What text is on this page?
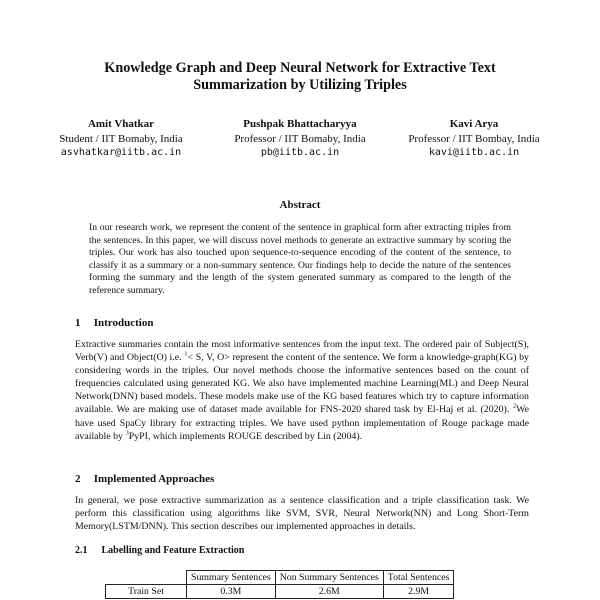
Knowledge Graph and Deep Neural Network for Extractive Text
Summarization by Utilizing Triples
Amit Vhatkar
Student / IIT Bomaby, India
asvhatkar@iitb.ac.in
Pushpak Bhattacharyya
Professor / IIT Bomaby, India
pb@iitb.ac.in
Kavi Arya
Professor / IIT Bombay, India
kavi@iitb.ac.in
Abstract

In our research work, we represent the content of the sentence in graphical form after extracting triples from the sentences. In this paper, we will discuss novel methods to generate an extractive summary by scoring the triples. Our work has also touched upon sequence-to-sequence encoding of the content of the sentence, to classify it as a summary or a non-summary sentence. Our findings help to decide the nature of the sentences forming the summary and the length of the system generated summary as compared to the length of the reference summary.

1 Introduction

Extractive summaries contain the most informative sentences from the input text. The ordered pair of Subject(S), Verb(V) and Object(O) i.e. $^1$< S, V, O> represent the content of the sentence. We form a knowledge-graph(KG) by considering words in the triples. Our novel methods choose the informative sentences based on the count of frequencies calculated using generated KG. We also have implemented machine Learning(ML) and Deep Neural Network(DNN) based models. These models make use of the KG based features which try to capture information available. We are making use of dataset made available for FNS-2020 shared task by El-Haj et al. (2020). $^2$We have used SpaCy library for extracting triples. We have used python implementation of Rouge package made available by $^3$PyPI, which implements ROUGE described by Lin (2004).

2 Implemented Approaches

In general, we pose extractive summarization as a sentence classification and a triple classification task. We perform this classification using algorithms like SVM, SVR, Neural Network(NN) and Long Short-Term Memory(LSTM/DNN). This section describes our implemented approaches in details.

2.1 Labelling and Feature Extraction
	Summary Sentences	Non Summary Sentences	Total Sentences
Train Set	0.3M	2.6M	2.9M
